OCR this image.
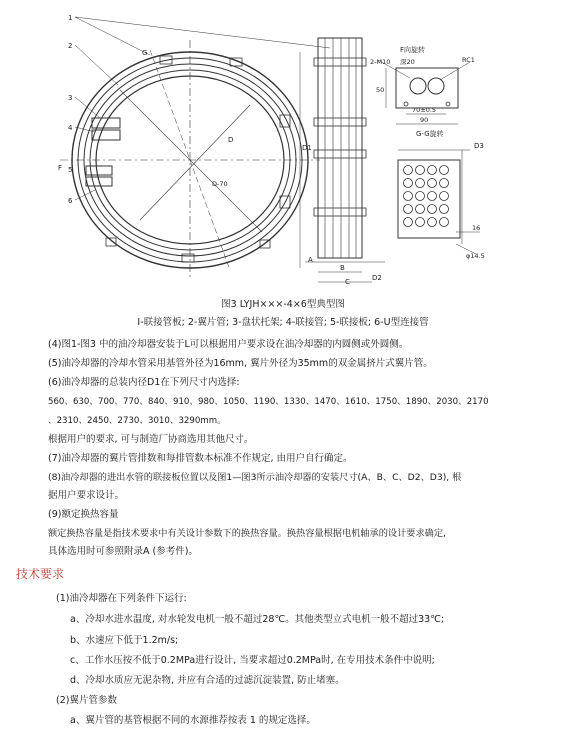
1
2
3
4
5
6
G
F
D
D1
D-70
A
B
C	D2
F向旋转
2-M10 深20	RC1
50
70±0.5
90
G-G旋转
D3
16
φ14.5
图3 LYJH×××-4×6型典型图
I-联接管板; 2-翼片管; 3-盘状托架; 4-联接管; 5-联接板; 6-U型连接管
(4)图1-图3 中的油冷却器安装于L可以根据用户要求设在油冷却器的内圆侧或外圆侧。
(5)油冷却器的冷却水管采用基管外径为16mm, 翼片外径为35mm的双金属挤片式翼片管。
(6)油冷却器的总装内径D1在下列尺寸内选择:
560、630、700、770、840、910、980、1050、1190、1330、1470、1610、1750、1890、2030、2170
、2310、2450、2730、3010、3290mm。
根据用户的要求, 可与制造厂协商选用其他尺寸。
(7)油冷却器的翼片管排数和每排管数本标准不作规定, 由用户自行确定。
(8)油冷却器的进出水管的联接板位置以及图1—图3所示油冷却器的安装尺寸(A、B、C、D2、D3), 根
据用户要求设计。
(9)额定换热容量
额定换热容量是指技术要求中有关设计参数下的换热容量。换热容量根据电机轴承的设计要求确定,
具体选用时可参照附录A (参考件)。
技术要求
(1)油冷却器在下列条件下运行:
a、冷却水进水温度, 对水轮发电机一般不超过28℃。其他类型立式电机一般不超过33℃;
b、水速应下低于1.2m/s;
c、工作水压按不低于0.2MPa进行设计, 当要求超过0.2MPa时, 在专用技术条件中说明;
d、冷却水质应无泥杂物, 并应有合适的过滤沉淀装置, 防止堵塞。
(2)翼片管参数
a、翼片管的基管根据不同的水源推荐按表 1 的规定选择。
